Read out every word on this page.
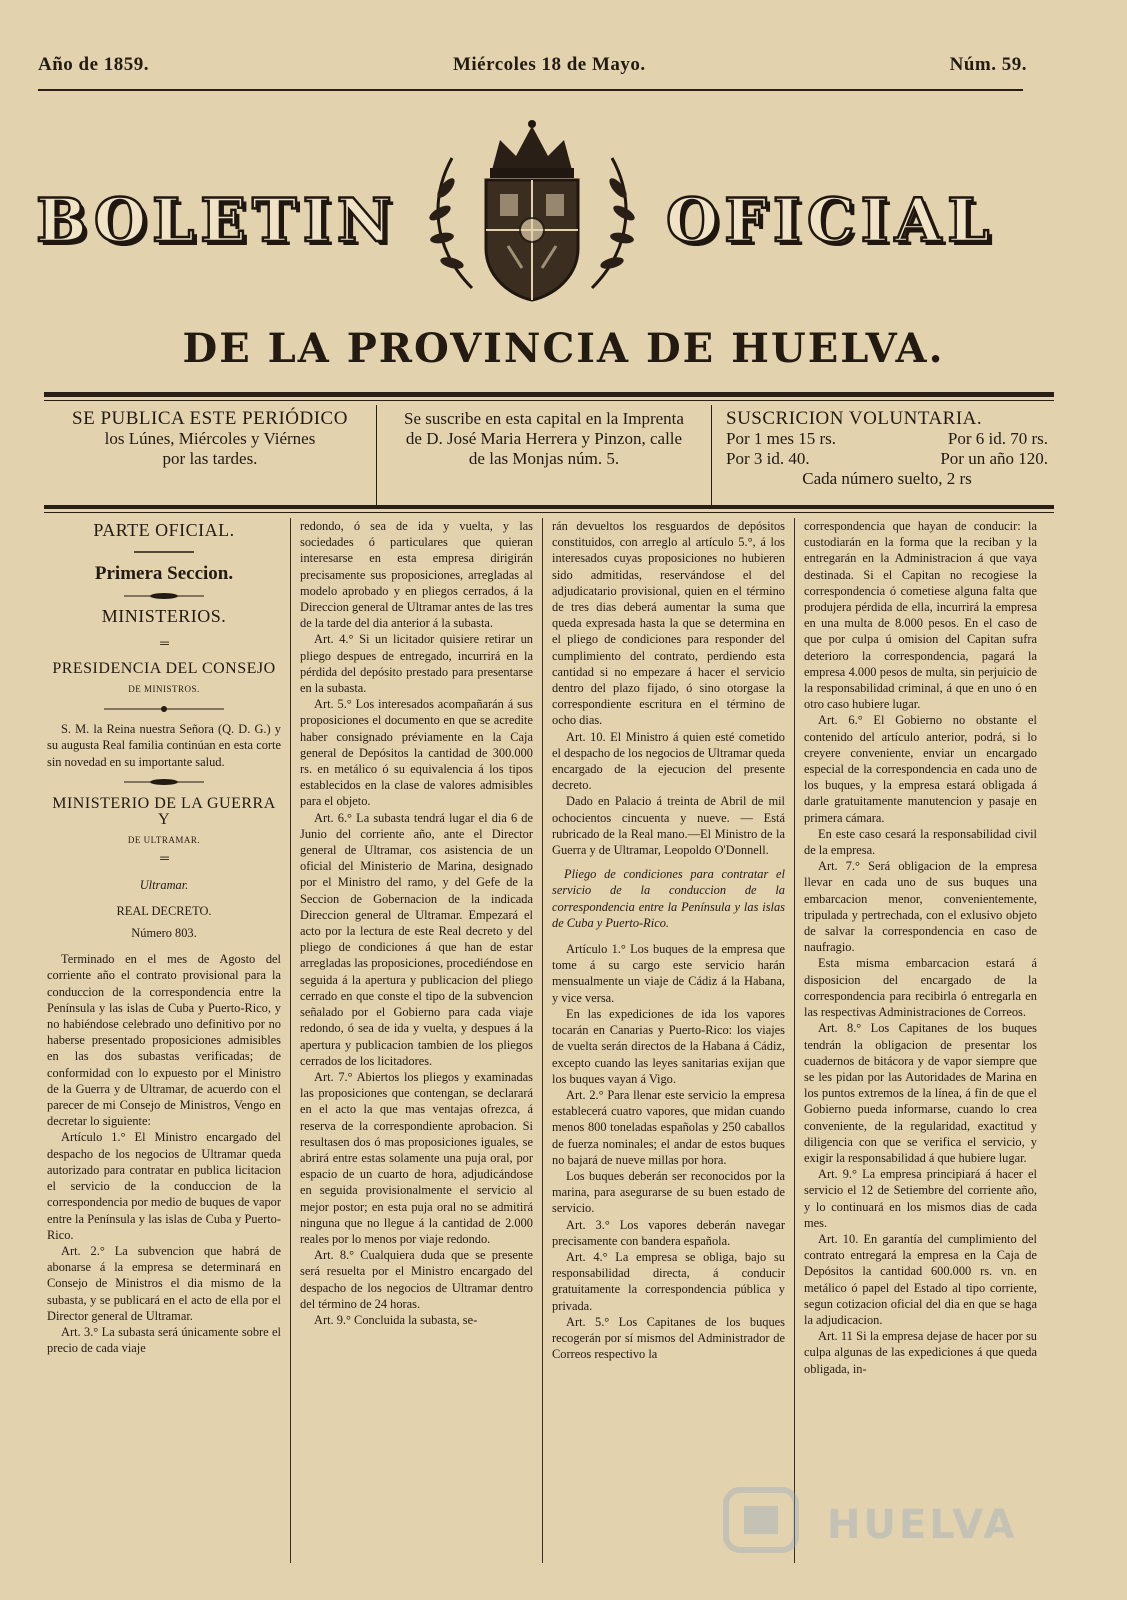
Año de 1859.	Miércoles 18 de Mayo.	Núm. 59.
BOLETIN	OFICIAL
DE LA PROVINCIA DE HUELVA.
SE PUBLICA ESTE PERIÓDICO
los Lúnes, Miércoles y Viérnes
por las tardes.
Se suscribe en esta capital en la Imprenta
de D. José Maria Herrera y Pinzon, calle
de las Monjas núm. 5.
SUSCRICION VOLUNTARIA.
Por 1 mes 15 rs.	Por 6 id. 70 rs.
Por 3 id. 40.	Por un año 120.
Cada número suelto, 2 rs
PARTE OFICIAL.
Primera Seccion.
MINISTERIOS.
═
PRESIDENCIA DEL CONSEJO
DE MINISTROS.

S. M. la Reina nuestra Señora (Q. D. G.) y su augusta Real familia continúan en esta corte sin novedad en su importante salud.

MINISTERIO DE LA GUERRA Y
DE ULTRAMAR.
═

Ultramar.

REAL DECRETO.

Número 803.

Terminado en el mes de Agosto del corriente año el contrato provisional para la conduccion de la correspondencia entre la Península y las islas de Cuba y Puerto-Rico, y no habiéndose celebrado uno definitivo por no haberse presentado proposiciones admisibles en las dos subastas verificadas; de conformidad con lo expuesto por el Ministro de la Guerra y de Ultramar, de acuerdo con el parecer de mi Consejo de Ministros, Vengo en decretar lo siguiente:

Artículo 1.° El Ministro encargado del despacho de los negocios de Ultramar queda autorizado para contratar en publica licitacion el servicio de la conduccion de la correspondencia por medio de buques de vapor entre la Península y las islas de Cuba y Puerto-Rico.

Art. 2.° La subvencion que habrá de abonarse á la empresa se determinará en Consejo de Ministros el dia mismo de la subasta, y se publicará en el acto de ella por el Director general de Ultramar.

Art. 3.° La subasta será únicamente sobre el precio de cada viaje

redondo, ó sea de ida y vuelta, y las sociedades ó particulares que quieran interesarse en esta empresa dirigirán precisamente sus proposiciones, arregladas al modelo aprobado y en pliegos cerrados, á la Direccion general de Ultramar antes de las tres de la tarde del dia anterior á la subasta.

Art. 4.° Si un licitador quisiere retirar un pliego despues de entregado, incurrirá en la pérdida del depósito prestado para presentarse en la subasta.

Art. 5.° Los interesados acompañarán á sus proposiciones el documento en que se acredite haber consignado préviamente en la Caja general de Depósitos la cantidad de 300.000 rs. en metálico ó su equivalencia á los tipos establecidos en la clase de valores admisibles para el objeto.

Art. 6.° La subasta tendrá lugar el dia 6 de Junio del corriente año, ante el Director general de Ultramar, cos asistencia de un oficial del Ministerio de Marina, designado por el Ministro del ramo, y del Gefe de la Seccion de Gobernacion de la indicada Direccion general de Ultramar. Empezará el acto por la lectura de este Real decreto y del pliego de condiciones á que han de estar arregladas las proposiciones, procediéndose en seguida á la apertura y publicacion del pliego cerrado en que conste el tipo de la subvencion señalado por el Gobierno para cada viaje redondo, ó sea de ida y vuelta, y despues á la apertura y publicacion tambien de los pliegos cerrados de los licitadores.

Art. 7.° Abiertos los pliegos y examinadas las proposiciones que contengan, se declarará en el acto la que mas ventajas ofrezca, á reserva de la correspondiente aprobacion. Si resultasen dos ó mas proposiciones iguales, se abrirá entre estas solamente una puja oral, por espacio de un cuarto de hora, adjudicándose en seguida provisionalmente el servicio al mejor postor; en esta puja oral no se admitirá ninguna que no llegue á la cantidad de 2.000 reales por lo menos por viaje redondo.

Art. 8.° Cualquiera duda que se presente será resuelta por el Ministro encargado del despacho de los negocios de Ultramar dentro del término de 24 horas.

Art. 9.° Concluida la subasta, se-

rán devueltos los resguardos de depósitos constituidos, con arreglo al artículo 5.°, á los interesados cuyas proposiciones no hubieren sido admitidas, reservándose el del adjudicatario provisional, quien en el término de tres dias deberá aumentar la suma que queda expresada hasta la que se determina en el pliego de condiciones para responder del cumplimiento del contrato, perdiendo esta cantidad si no empezare á hacer el servicio dentro del plazo fijado, ó sino otorgase la correspondiente escritura en el término de ocho dias.

Art. 10. El Ministro á quien esté cometido el despacho de los negocios de Ultramar queda encargado de la ejecucion del presente decreto.

Dado en Palacio á treinta de Abril de mil ochocientos cincuenta y nueve. — Está rubricado de la Real mano.—El Ministro de la Guerra y de Ultramar, Leopoldo O'Donnell.

Pliego de condiciones para contratar el servicio de la conduccion de la correspondencia entre la Península y las islas de Cuba y Puerto-Rico.

Artículo 1.° Los buques de la empresa que tome á su cargo este servicio harán mensualmente un viaje de Cádiz á la Habana, y vice versa.

En las expediciones de ida los vapores tocarán en Canarias y Puerto-Rico: los viajes de vuelta serán directos de la Habana á Cádiz, excepto cuando las leyes sanitarias exijan que los buques vayan á Vigo.

Art. 2.° Para llenar este servicio la empresa establecerá cuatro vapores, que midan cuando menos 800 toneladas españolas y 250 caballos de fuerza nominales; el andar de estos buques no bajará de nueve millas por hora.

Los buques deberán ser reconocidos por la marina, para asegurarse de su buen estado de servicio.

Art. 3.° Los vapores deberán navegar precisamente con bandera española.

Art. 4.° La empresa se obliga, bajo su responsabilidad directa, á conducir gratuitamente la correspondencia pública y privada.

Art. 5.° Los Capitanes de los buques recogerán por sí mismos del Administrador de Correos respectivo la

correspondencia que hayan de conducir: la custodiarán en la forma que la reciban y la entregarán en la Administracion á que vaya destinada. Si el Capitan no recogiese la correspondencia ó cometiese alguna falta que produjera pérdida de ella, incurrirá la empresa en una multa de 8.000 pesos. En el caso de que por culpa ú omision del Capitan sufra deterioro la correspondencia, pagará la empresa 4.000 pesos de multa, sin perjuicio de la responsabilidad criminal, á que en uno ó en otro caso hubiere lugar.

Art. 6.° El Gobierno no obstante el contenido del artículo anterior, podrá, si lo creyere conveniente, enviar un encargado especial de la correspondencia en cada uno de los buques, y la empresa estará obligada á darle gratuitamente manutencion y pasaje en primera cámara.

En este caso cesará la responsabilidad civil de la empresa.

Art. 7.° Será obligacion de la empresa llevar en cada uno de sus buques una embarcacion menor, convenientemente, tripulada y pertrechada, con el exlusivo objeto de salvar la correspondencia en caso de naufragio.

Esta misma embarcacion estará á disposicion del encargado de la correspondencia para recibirla ó entregarla en las respectivas Administraciones de Correos.

Art. 8.° Los Capitanes de los buques tendrán la obligacion de presentar los cuadernos de bitácora y de vapor siempre que se les pidan por las Autoridades de Marina en los puntos extremos de la línea, á fin de que el Gobierno pueda informarse, cuando lo crea conveniente, de la regularidad, exactitud y diligencia con que se verifica el servicio, y exigir la responsabilidad á que hubiere lugar.

Art. 9.° La empresa principiará á hacer el servicio el 12 de Setiembre del corriente año, y lo continuará en los mismos dias de cada mes.

Art. 10. En garantía del cumplimiento del contrato entregará la empresa en la Caja de Depósitos la cantidad 600.000 rs. vn. en metálico ó papel del Estado al tipo corriente, segun cotizacion oficial del dia en que se haga la adjudicacion.

Art. 11 Si la empresa dejase de hacer por su culpa algunas de las expediciones á que queda obligada, in-

HUELVA
